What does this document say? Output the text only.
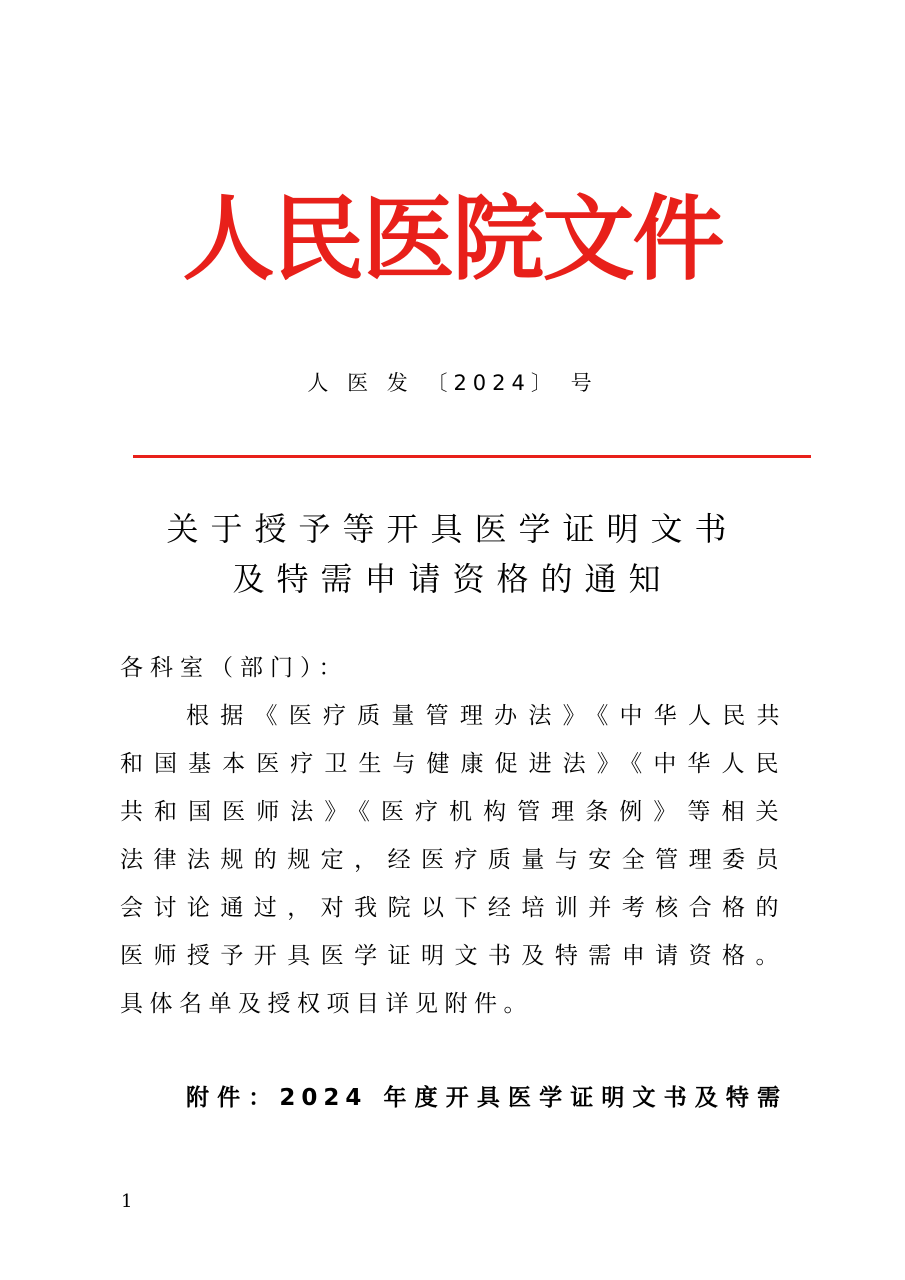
人民医院文件
人 医 发 〔2024〕 号
关于授予等开具医学证明文书
及特需申请资格的通知
各科室（部门）：
根据《医疗质量管理办法》《中华人民共
和国基本医疗卫生与健康促进法》《中华人民
共和国医师法》《医疗机构管理条例》等相关
法律法规的规定，经医疗质量与安全管理委员
会讨论通过，对我院以下经培训并考核合格的
医师授予开具医学证明文书及特需申请资格。
具体名单及授权项目详见附件。
附件：2024 年度开具医学证明文书及特需
1
